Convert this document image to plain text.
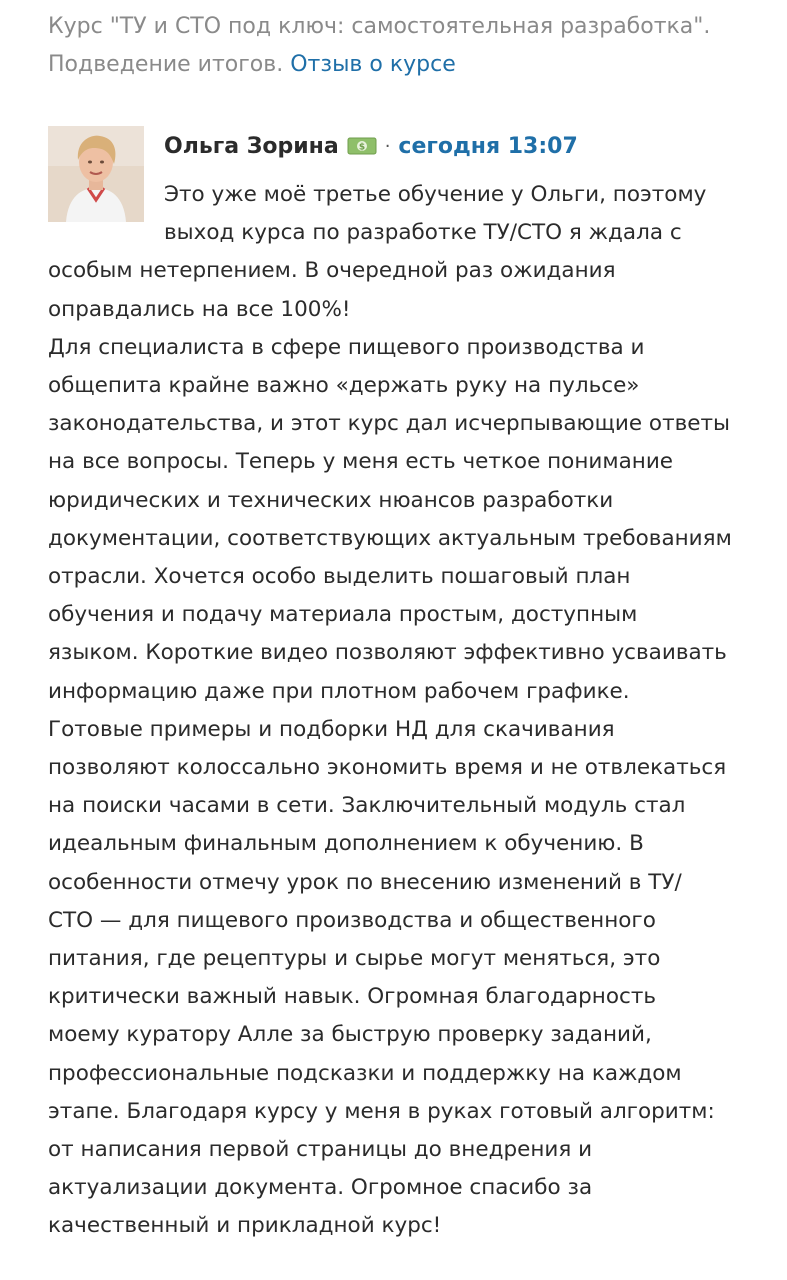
Курс "ТУ и СТО под ключ: самостоятельная разработка".
Подведение итогов. Отзыв о курсе
Ольга Зорина $ · сегодня 13:07
Это уже моё третье обучение у Ольги, поэтому
выход курса по разработке ТУ/СТО я ждала с
особым нетерпением. В очередной раз ожидания
оправдались на все 100%!
Для специалиста в сфере пищевого производства и
общепита крайне важно «держать руку на пульсе»
законодательства, и этот курс дал исчерпывающие ответы
на все вопросы. Теперь у меня есть четкое понимание
юридических и технических нюансов разработки
документации, соответствующих актуальным требованиям
отрасли. Хочется особо выделить пошаговый план
обучения и подачу материала простым, доступным
языком. Короткие видео позволяют эффективно усваивать
информацию даже при плотном рабочем графике.
Готовые примеры и подборки НД для скачивания
позволяют колоссально экономить время и не отвлекаться
на поиски часами в сети. Заключительный модуль стал
идеальным финальным дополнением к обучению. В
особенности отмечу урок по внесению изменений в ТУ/
СТО — для пищевого производства и общественного
питания, где рецептуры и сырье могут меняться, это
критически важный навык. Огромная благодарность
моему куратору Алле за быструю проверку заданий,
профессиональные подсказки и поддержку на каждом
этапе. Благодаря курсу у меня в руках готовый алгоритм:
от написания первой страницы до внедрения и
актуализации документа. Огромное спасибо за
качественный и прикладной курс!
